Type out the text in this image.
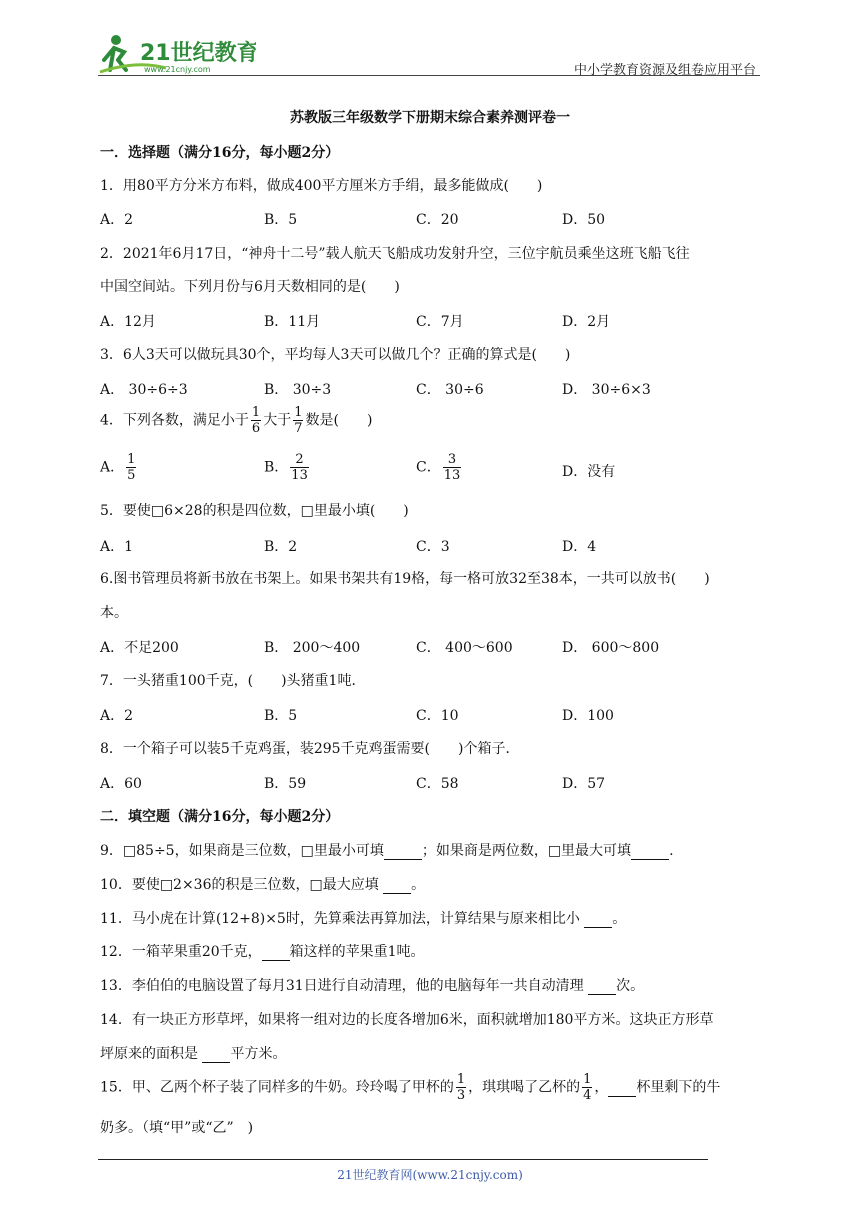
21世纪教育
www.21cnjy.com	中小学教育资源及组卷应用平台
苏教版三年级数学下册期末综合素养测评卷一
一．选择题（满分16分，每小题2分）
1．用80平方分米方布料，做成400平方厘米方手绢，最多能做成(　　)
A．2	B．5	C．20	D．50
2．2021年6月17日，“神舟十二号”载人航天飞船成功发射升空，三位宇航员乘坐这班飞船飞往
中国空间站。下列月份与6月天数相同的是(　　)
A．12月	B．11月	C．7月	D．2月
3．6人3天可以做玩具30个，平均每人3天可以做几个？正确的算式是(　　)
A． 30÷6÷3	B． 30÷3	C． 30÷6	D． 30÷6×3
4．下列各数，满足小于 $\frac{1}{6}$ 大于 $\frac{1}{7}$ 数是(　　)
A． $\frac{1}{5}$	B． $\frac{2}{13}$	C． $\frac{3}{13}$	D．没有
5．要使□6×28的积是四位数，□里最小填(　　)
A．1	B．2	C．3	D．4
6.图书管理员将新书放在书架上。如果书架共有19格，每一格可放32至38本，一共可以放书(　　)
本。
A．不足200	B． 200～400	C． 400～600	D． 600～800
7．一头猪重100千克，(　　)头猪重1吨．
A．2	B．5	C．10	D．100
8．一个箱子可以装5千克鸡蛋，装295千克鸡蛋需要(　　)个箱子．
A．60	B．59	C．58	D．57
二．填空题（满分16分，每小题2分）
9．□85÷5，如果商是三位数，□里最小可填	；如果商是两位数，□里最大可填	.
10．要使□2×36的积是三位数，□最大应填  。
11．马小虎在计算(12+8)×5时，先算乘法再算加法，计算结果与原来相比小  。
12．一箱苹果重20千克， 箱这样的苹果重1吨。
13．李伯伯的电脑设置了每月31日进行自动清理，他的电脑每年一共自动清理  次。
14．有一块正方形草坪，如果将一组对边的长度各增加6米，面积就增加180平方米。这块正方形草
坪原来的面积是  平方米。
15．甲、乙两个杯子装了同样多的牛奶。玲玲喝了甲杯的 $\frac{1}{3}$ ，琪琪喝了乙杯的 $\frac{1}{4}$ ， 杯里剩下的牛
奶多。（填“甲”或“乙”　)
21世纪教育网(www.21cnjy.com)
